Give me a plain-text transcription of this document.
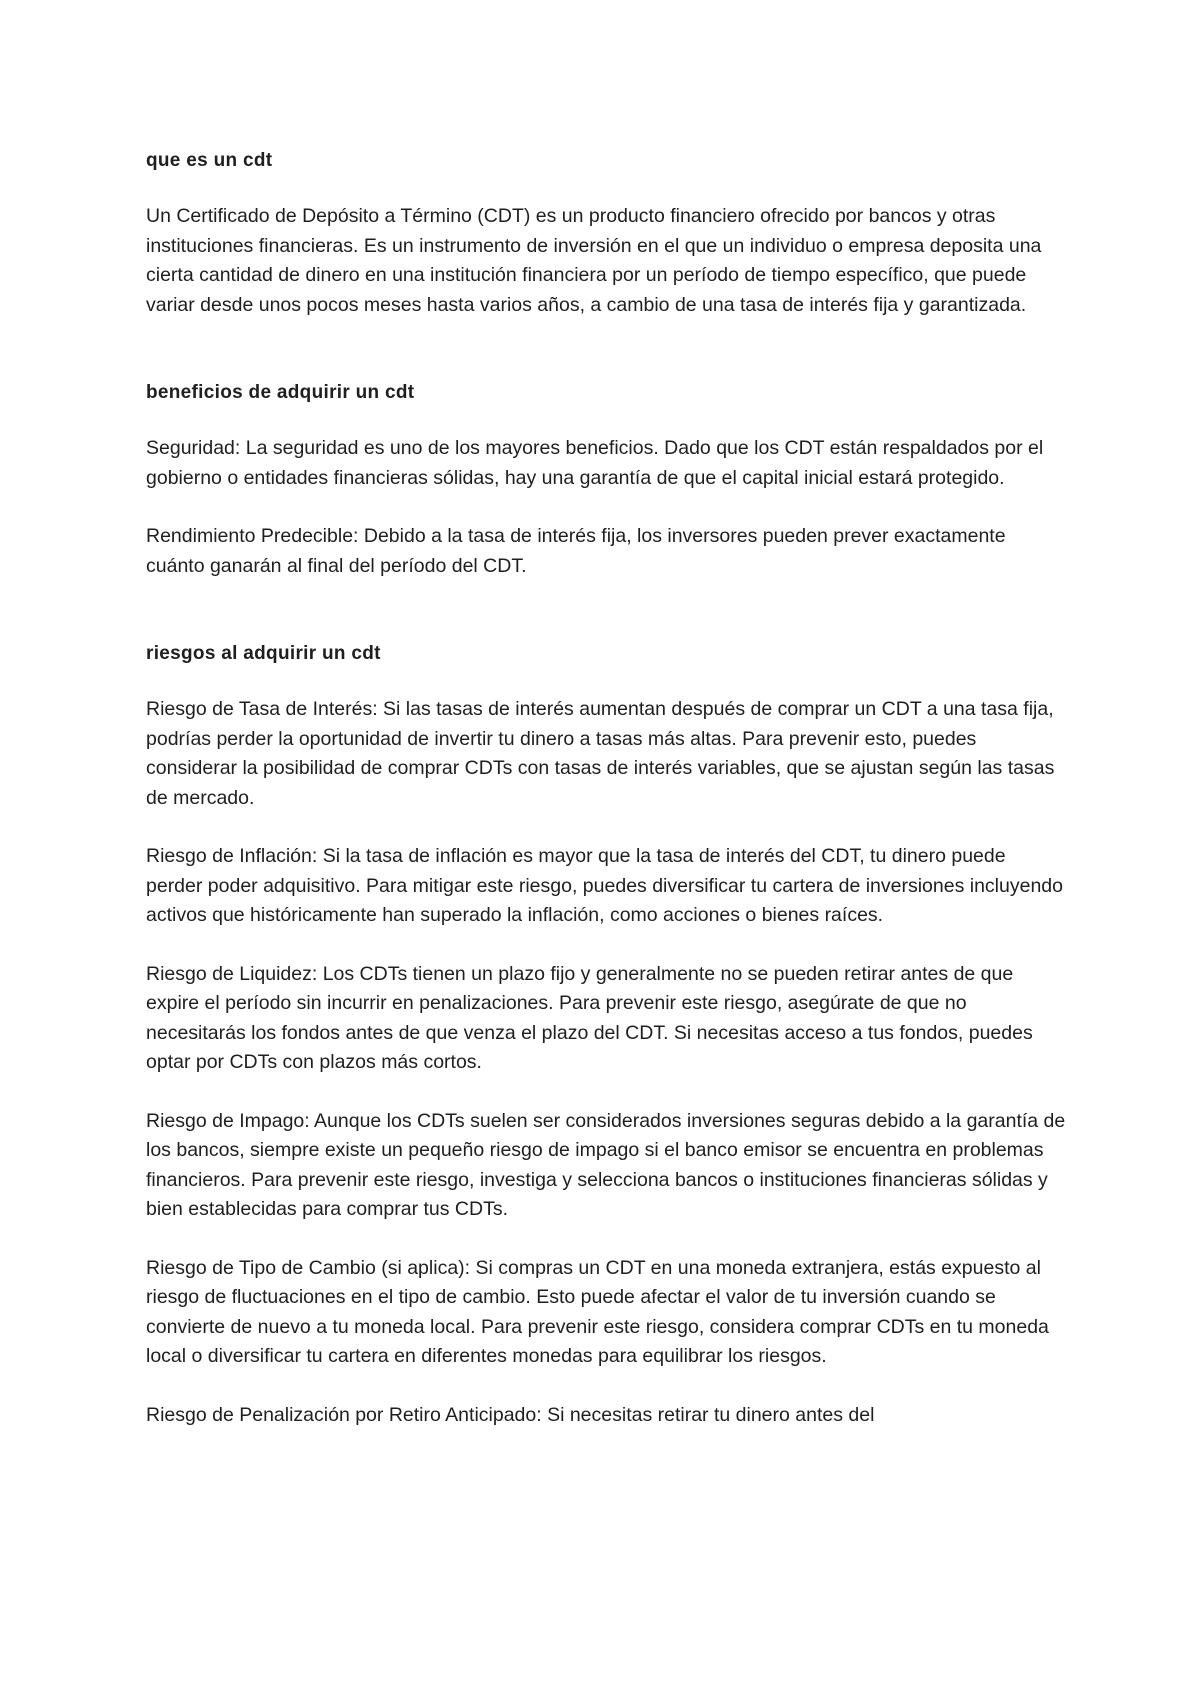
que es un cdt

Un Certificado de Depósito a Término (CDT) es un producto financiero ofrecido por bancos y otras instituciones financieras. Es un instrumento de inversión en el que un individuo o empresa deposita una cierta cantidad de dinero en una institución financiera por un período de tiempo específico, que puede variar desde unos pocos meses hasta varios años, a cambio de una tasa de interés fija y garantizada.

beneficios de adquirir un cdt

Seguridad: La seguridad es uno de los mayores beneficios. Dado que los CDT están respaldados por el gobierno o entidades financieras sólidas, hay una garantía de que el capital inicial estará protegido.

Rendimiento Predecible: Debido a la tasa de interés fija, los inversores pueden prever exactamente cuánto ganarán al final del período del CDT.

riesgos al adquirir un cdt

Riesgo de Tasa de Interés: Si las tasas de interés aumentan después de comprar un CDT a una tasa fija, podrías perder la oportunidad de invertir tu dinero a tasas más altas. Para prevenir esto, puedes considerar la posibilidad de comprar CDTs con tasas de interés variables, que se ajustan según las tasas de mercado.

Riesgo de Inflación: Si la tasa de inflación es mayor que la tasa de interés del CDT, tu dinero puede perder poder adquisitivo. Para mitigar este riesgo, puedes diversificar tu cartera de inversiones incluyendo activos que históricamente han superado la inflación, como acciones o bienes raíces.

Riesgo de Liquidez: Los CDTs tienen un plazo fijo y generalmente no se pueden retirar antes de que expire el período sin incurrir en penalizaciones. Para prevenir este riesgo, asegúrate de que no necesitarás los fondos antes de que venza el plazo del CDT. Si necesitas acceso a tus fondos, puedes optar por CDTs con plazos más cortos.

Riesgo de Impago: Aunque los CDTs suelen ser considerados inversiones seguras debido a la garantía de los bancos, siempre existe un pequeño riesgo de impago si el banco emisor se encuentra en problemas financieros. Para prevenir este riesgo, investiga y selecciona bancos o instituciones financieras sólidas y bien establecidas para comprar tus CDTs.

Riesgo de Tipo de Cambio (si aplica): Si compras un CDT en una moneda extranjera, estás expuesto al riesgo de fluctuaciones en el tipo de cambio. Esto puede afectar el valor de tu inversión cuando se convierte de nuevo a tu moneda local. Para prevenir este riesgo, considera comprar CDTs en tu moneda local o diversificar tu cartera en diferentes monedas para equilibrar los riesgos.

Riesgo de Penalización por Retiro Anticipado: Si necesitas retirar tu dinero antes del
